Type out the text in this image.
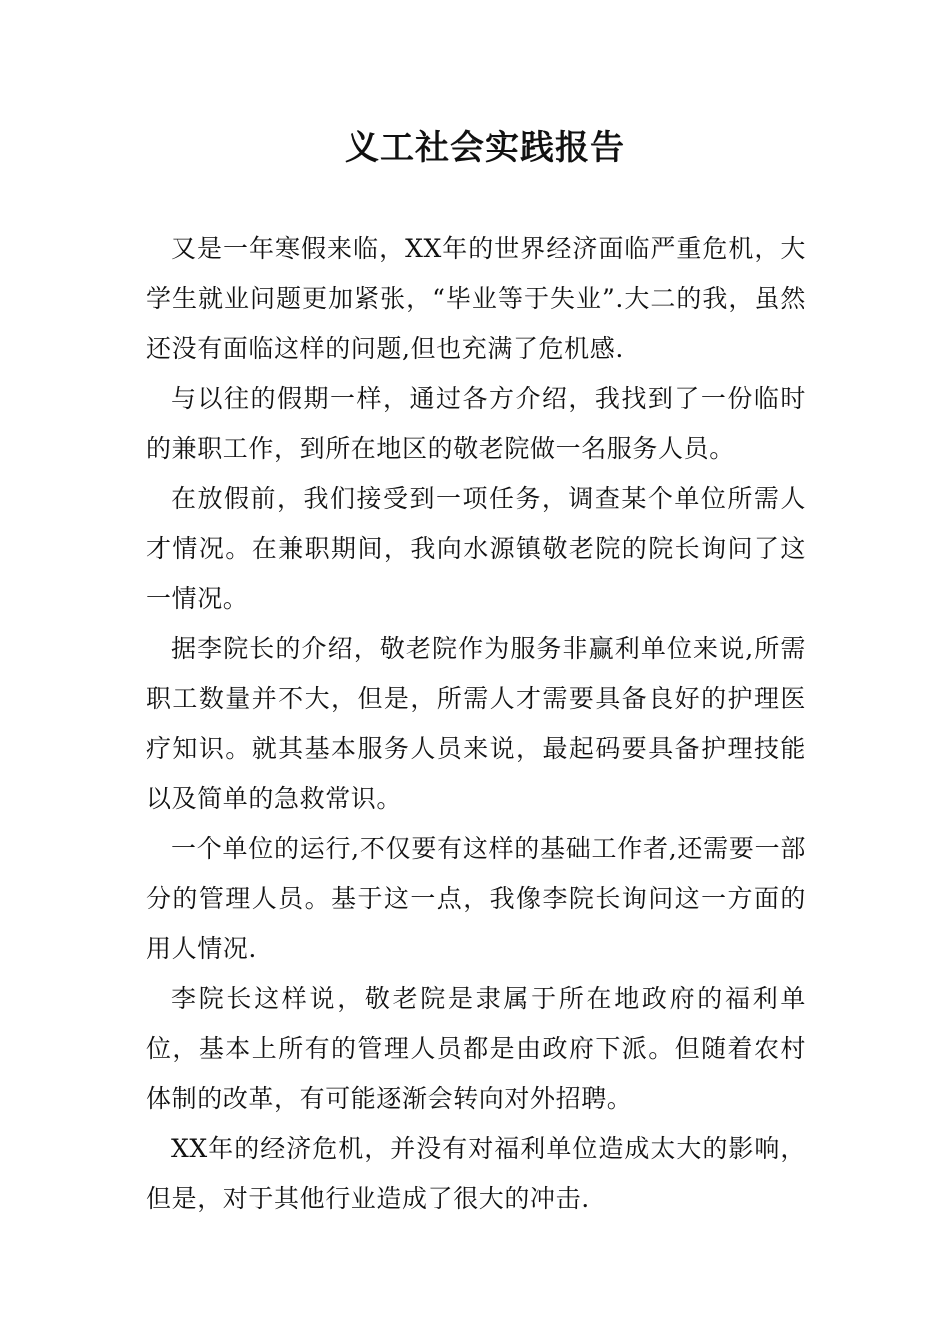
义工社会实践报告

又是一年寒假来临，XX年的世界经济面临严重危机，大学生就业问题更加紧张，“毕业等于失业”.大二的我，虽然还没有面临这样的问题,但也充满了危机感.

与以往的假期一样，通过各方介绍，我找到了一份临时的兼职工作，到所在地区的敬老院做一名服务人员。

在放假前，我们接受到一项任务，调查某个单位所需人才情况。在兼职期间，我向水源镇敬老院的院长询问了这一情况。

据李院长的介绍，敬老院作为服务非赢利单位来说,所需职工数量并不大，但是，所需人才需要具备良好的护理医疗知识。就其基本服务人员来说，最起码要具备护理技能以及简单的急救常识。

一个单位的运行,不仅要有这样的基础工作者,还需要一部分的管理人员。基于这一点，我像李院长询问这一方面的用人情况.

李院长这样说，敬老院是隶属于所在地政府的福利单位，基本上所有的管理人员都是由政府下派。但随着农村体制的改革，有可能逐渐会转向对外招聘。

XX年的经济危机，并没有对福利单位造成太大的影响，但是，对于其他行业造成了很大的冲击.
